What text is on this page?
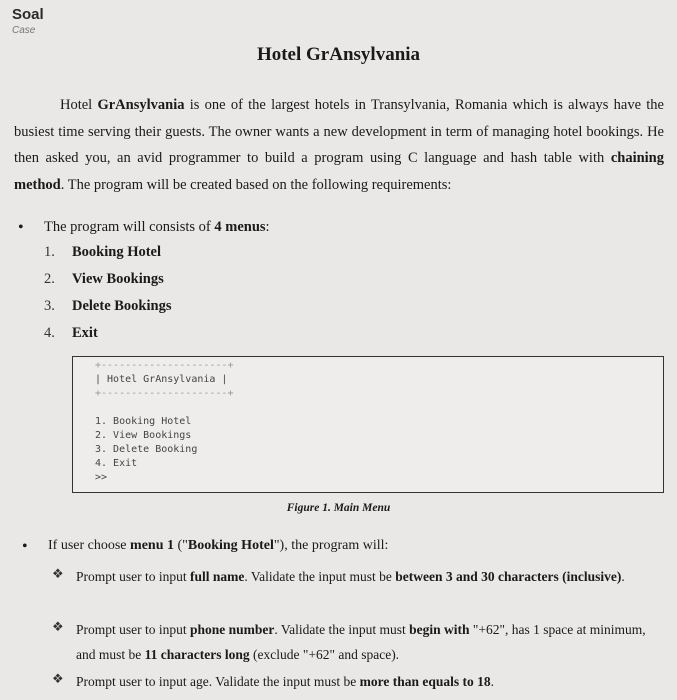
Soal
Case
Hotel GrAnsylvania
Hotel GrAnsylvania is one of the largest hotels in Transylvania, Romania which is always have the busiest time serving their guests. The owner wants a new development in term of managing hotel bookings. He then asked you, an avid programmer to build a program using C language and hash table with chaining method. The program will be created based on the following requirements:
• The program will consists of 4 menus:
1.	Booking Hotel
2.	View Bookings
3.	Delete Bookings
4.	Exit
+---------------------+
| Hotel GrAnsylvania |
+---------------------+

1. Booking Hotel
2. View Bookings
3. Delete Booking
4. Exit
>>
Figure 1. Main Menu
• If user choose menu 1 ("Booking Hotel"), the program will:
❖ Prompt user to input full name. Validate the input must be between 3 and 30 characters (inclusive).
❖ Prompt user to input phone number. Validate the input must begin with "+62", has 1 space at minimum, and must be 11 characters long (exclude "+62" and space).
❖ Prompt user to input age. Validate the input must be more than equals to 18.
